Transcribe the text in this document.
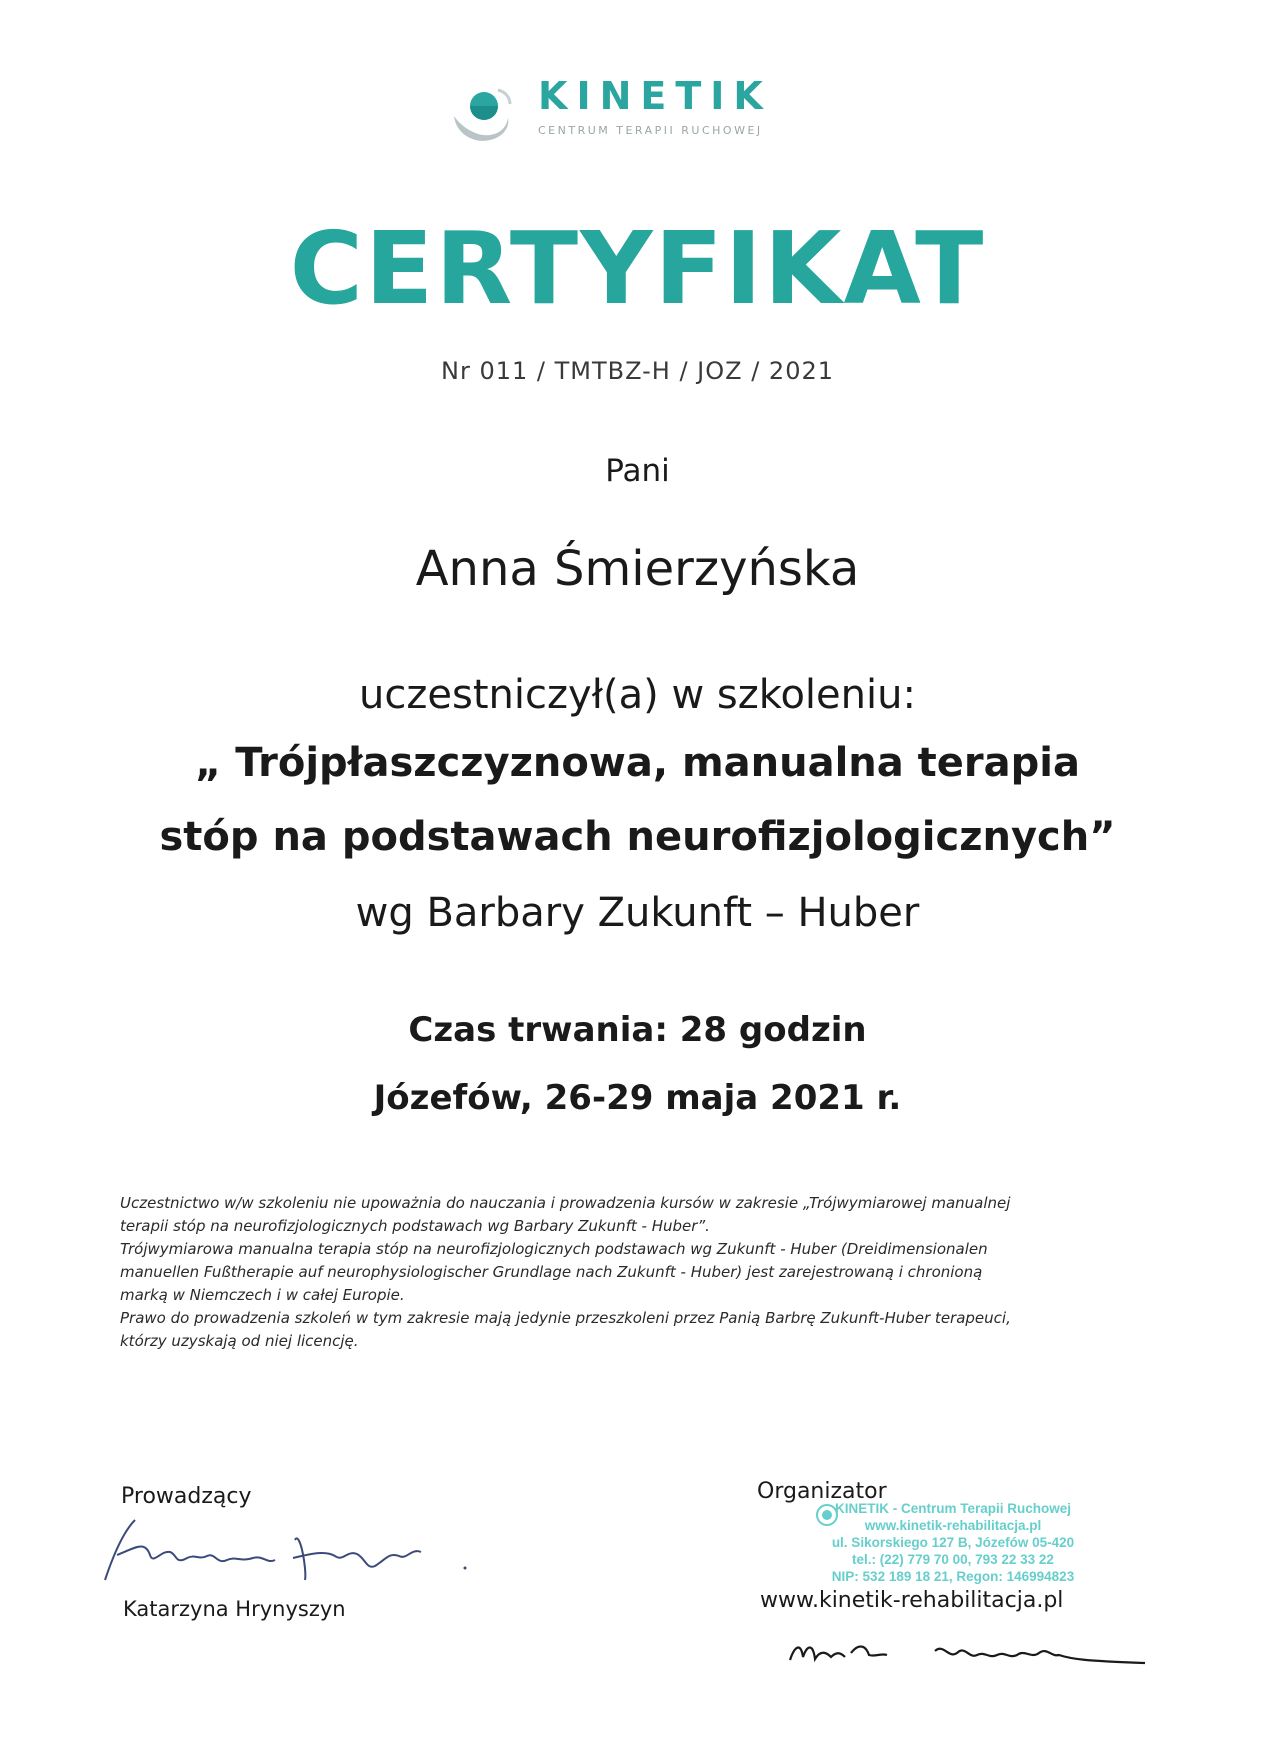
KINETIK
CENTRUM TERAPII RUCHOWEJ
CERTYFIKAT
Nr 011 / TMTBZ-H / JOZ / 2021
Pani
Anna Śmierzyńska
uczestniczył(a) w szkoleniu:
„ Trójpłaszczyznowa, manualna terapia
stóp na podstawach neurofizjologicznych”
wg Barbary Zukunft – Huber
Czas trwania: 28 godzin
Józefów, 26-29 maja 2021 r.

Uczestnictwo w/w szkoleniu nie upoważnia do nauczania i prowadzenia kursów w zakresie „Trójwymiarowej manualnej

terapii stóp na neurofizjologicznych podstawach wg Barbary Zukunft - Huber”.

Trójwymiarowa manualna terapia stóp na neurofizjologicznych podstawach wg Zukunft - Huber (Dreidimensionalen

manuellen Fußtherapie auf neurophysiologischer Grundlage nach Zukunft - Huber) jest zarejestrowaną i chronioną

marką w Niemczech i w całej Europie.

Prawo do prowadzenia szkoleń w tym zakresie mają jedynie przeszkoleni przez Panią Barbrę Zukunft-Huber terapeuci,

którzy uzyskają od niej licencję.

Prowadzący
Katarzyna Hrynyszyn
Organizator
KINETIK - Centrum Terapii Ruchowej
www.kinetik-rehabilitacja.pl
ul. Sikorskiego 127 B, Józefów 05-420
tel.: (22) 779 70 00, 793 22 33 22
NIP: 532 189 18 21, Regon: 146994823
www.kinetik-rehabilitacja.pl
